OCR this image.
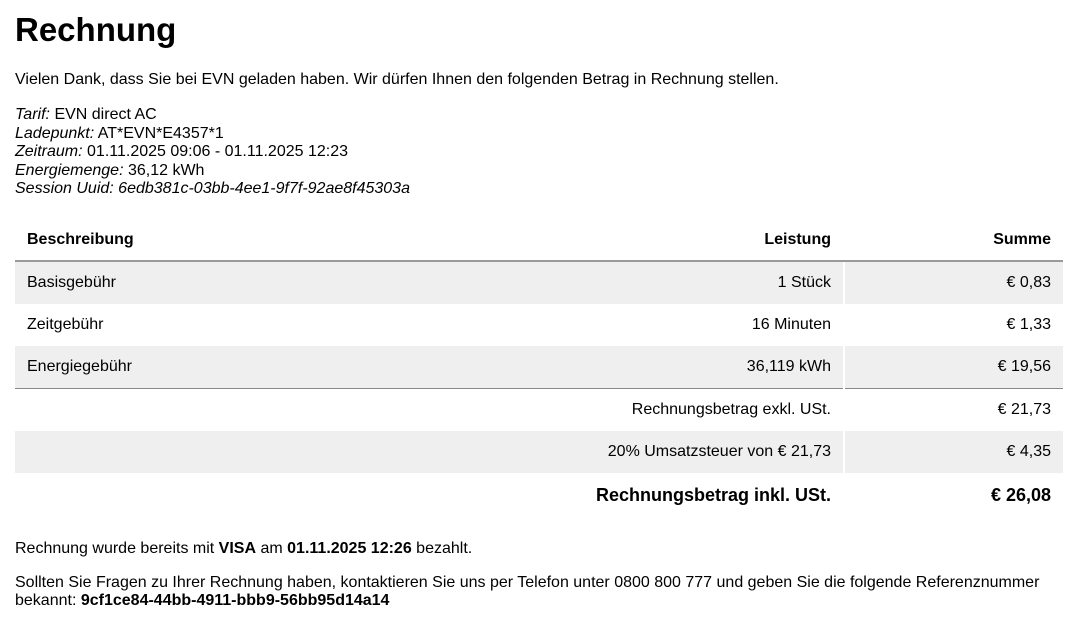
Rechnung

Vielen Dank, dass Sie bei EVN geladen haben. Wir dürfen Ihnen den folgenden Betrag in Rechnung stellen.

Tarif: EVN direct AC
Ladepunkt: AT*EVN*E4357*1
Zeitraum: 01.11.2025 09:06 - 01.11.2025 12:23
Energiemenge: 36,12 kWh
Session Uuid: 6edb381c-03bb-4ee1-9f7f-92ae8f45303a
Beschreibung	Leistung	Summe
Basisgebühr	1 Stück	€ 0,83
Zeitgebühr	16 Minuten	€ 1,33
Energiegebühr	36,119 kWh	€ 19,56
	Rechnungsbetrag exkl. USt.	€ 21,73
	20% Umsatzsteuer von € 21,73	€ 4,35
	Rechnungsbetrag inkl. USt.	€ 26,08

Rechnung wurde bereits mit VISA am 01.11.2025 12:26 bezahlt.

Sollten Sie Fragen zu Ihrer Rechnung haben, kontaktieren Sie uns per Telefon unter 0800 800 777 und geben Sie die folgende Referenznummer bekannt: 9cf1ce84-44bb-4911-bbb9-56bb95d14a14
